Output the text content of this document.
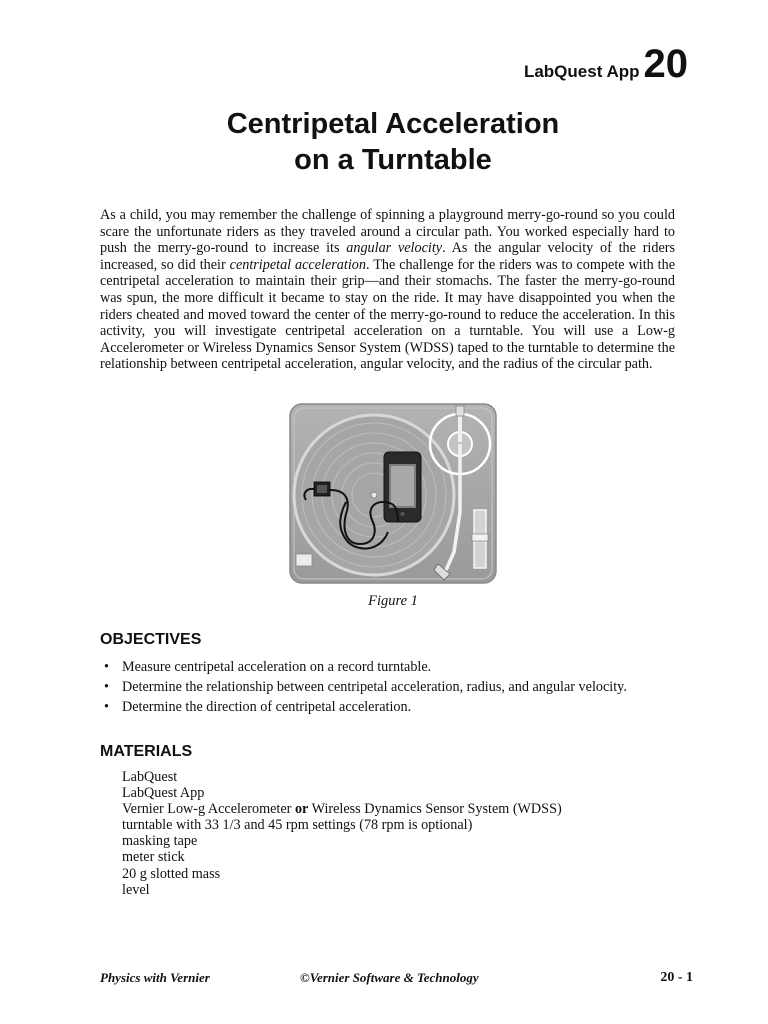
LabQuest App 20
Centripetal Acceleration
on a Turntable

As a child, you may remember the challenge of spinning a playground merry-go-round so you could scare the unfortunate riders as they traveled around a circular path. You worked especially hard to push the merry-go-round to increase its angular velocity. As the angular velocity of the riders increased, so did their centripetal acceleration. The challenge for the riders was to compete with the centripetal acceleration to maintain their grip—and their stomachs. The faster the merry-go-round was spun, the more difficult it became to stay on the ride. It may have disappointed you when the riders cheated and moved toward the center of the merry-go-round to reduce the acceleration. In this activity, you will investigate centripetal acceleration on a turntable. You will use a Low-g Accelerometer or Wireless Dynamics Sensor System (WDSS) taped to the turntable to determine the relationship between centripetal acceleration, angular velocity, and the radius of the circular path.

Figure 1

OBJECTIVES
• Measure centripetal acceleration on a record turntable.
• Determine the relationship between centripetal acceleration, radius, and angular velocity.
• Determine the direction of centripetal acceleration.
MATERIALS
LabQuest
LabQuest App
Vernier Low-g Accelerometer or Wireless Dynamics Sensor System (WDSS)
turntable with 33 1/3 and 45 rpm settings (78 rpm is optional)
masking tape
meter stick
20 g slotted mass
level
Physics with Vernier	©Vernier Software & Technology	20 - 1
